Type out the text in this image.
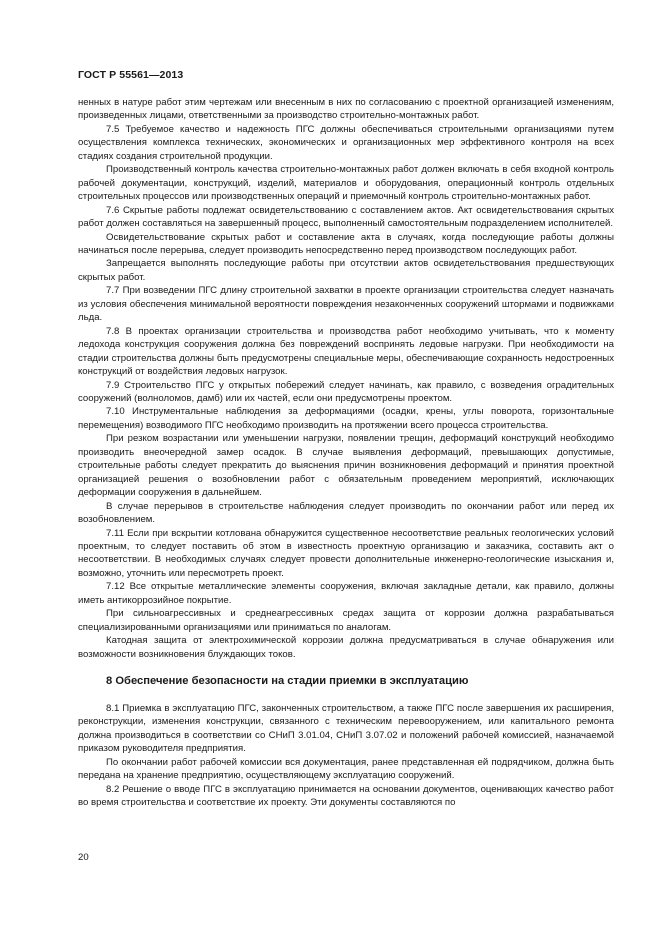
ГОСТ Р 55561—2013

ненных в натуре работ этим чертежам или внесенным в них по согласованию с проектной организацией изменениям, произведенных лицами, ответственными за производство строительно-монтажных работ.

7.5 Требуемое качество и надежность ПГС должны обеспечиваться строительными организациями путем осуществления комплекса технических, экономических и организационных мер эффективного контроля на всех стадиях создания строительной продукции.

Производственный контроль качества строительно-монтажных работ должен включать в себя входной контроль рабочей документации, конструкций, изделий, материалов и оборудования, операционный контроль отдельных строительных процессов или производственных операций и приемочный контроль строительно-монтажных работ.

7.6 Скрытые работы подлежат освидетельствованию с составлением актов. Акт освидетельствования скрытых работ должен составляться на завершенный процесс, выполненный самостоятельным подразделением исполнителей.

Освидетельствование скрытых работ и составление акта в случаях, когда последующие работы должны начинаться после перерыва, следует производить непосредственно перед производством последующих работ.

Запрещается выполнять последующие работы при отсутствии актов освидетельствования предшествующих скрытых работ.

7.7 При возведении ПГС длину строительной захватки в проекте организации строительства следует назначать из условия обеспечения минимальной вероятности повреждения незаконченных сооружений штормами и подвижками льда.

7.8 В проектах организации строительства и производства работ необходимо учитывать, что к моменту ледохода конструкция сооружения должна без повреждений воспринять ледовые нагрузки. При необходимости на стадии строительства должны быть предусмотрены специальные меры, обеспечивающие сохранность недостроенных конструкций от воздействия ледовых нагрузок.

7.9 Строительство ПГС у открытых побережий следует начинать, как правило, с возведения оградительных сооружений (волноломов, дамб) или их частей, если они предусмотрены проектом.

7.10 Инструментальные наблюдения за деформациями (осадки, крены, углы поворота, горизонтальные перемещения) возводимого ПГС необходимо производить на протяжении всего процесса строительства.

При резком возрастании или уменьшении нагрузки, появлении трещин, деформаций конструкций необходимо производить внеочередной замер осадок. В случае выявления деформаций, превышающих допустимые, строительные работы следует прекратить до выяснения причин возникновения деформаций и принятия проектной организацией решения о возобновлении работ с обязательным проведением мероприятий, исключающих деформации сооружения в дальнейшем.

В случае перерывов в строительстве наблюдения следует производить по окончании работ или перед их возобновлением.

7.11 Если при вскрытии котлована обнаружится существенное несоответствие реальных геологических условий проектным, то следует поставить об этом в известность проектную организацию и заказчика, составить акт о несоответствии. В необходимых случаях следует провести дополнительные инженерно-геологические изыскания и, возможно, уточнить или пересмотреть проект.

7.12 Все открытые металлические элементы сооружения, включая закладные детали, как правило, должны иметь антикоррозийное покрытие.

При сильноагрессивных и среднеагрессивных средах защита от коррозии должна разрабатываться специализированными организациями или приниматься по аналогам.

Катодная защита от электрохимической коррозии должна предусматриваться в случае обнаружения или возможности возникновения блуждающих токов.

8 Обеспечение безопасности на стадии приемки в эксплуатацию

8.1 Приемка в эксплуатацию ПГС, законченных строительством, а также ПГС после завершения их расширения, реконструкции, изменения конструкции, связанного с техническим перевооружением, или капитального ремонта должна производиться в соответствии со СНиП 3.01.04, СНиП 3.07.02 и положений рабочей комиссией, назначаемой приказом руководителя предприятия.

По окончании работ рабочей комиссии вся документация, ранее представленная ей подрядчиком, должна быть передана на хранение предприятию, осуществляющему эксплуатацию сооружений.

8.2 Решение о вводе ПГС в эксплуатацию принимается на основании документов, оценивающих качество работ во время строительства и соответствие их проекту. Эти документы составляются по

20
